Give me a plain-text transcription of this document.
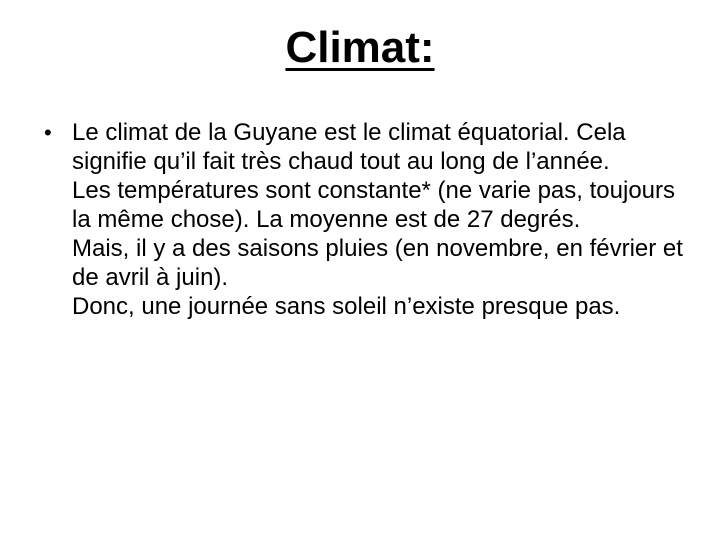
Climat:
• Le climat de la Guyane est le climat équatorial. Cela signifie qu’il fait très chaud tout au long de l’année.
Les températures sont constante* (ne varie pas, toujours la même chose). La moyenne est de 27 degrés.
Mais, il y a des saisons pluies (en novembre, en février et de avril à juin).
Donc, une journée sans soleil n’existe presque pas.
